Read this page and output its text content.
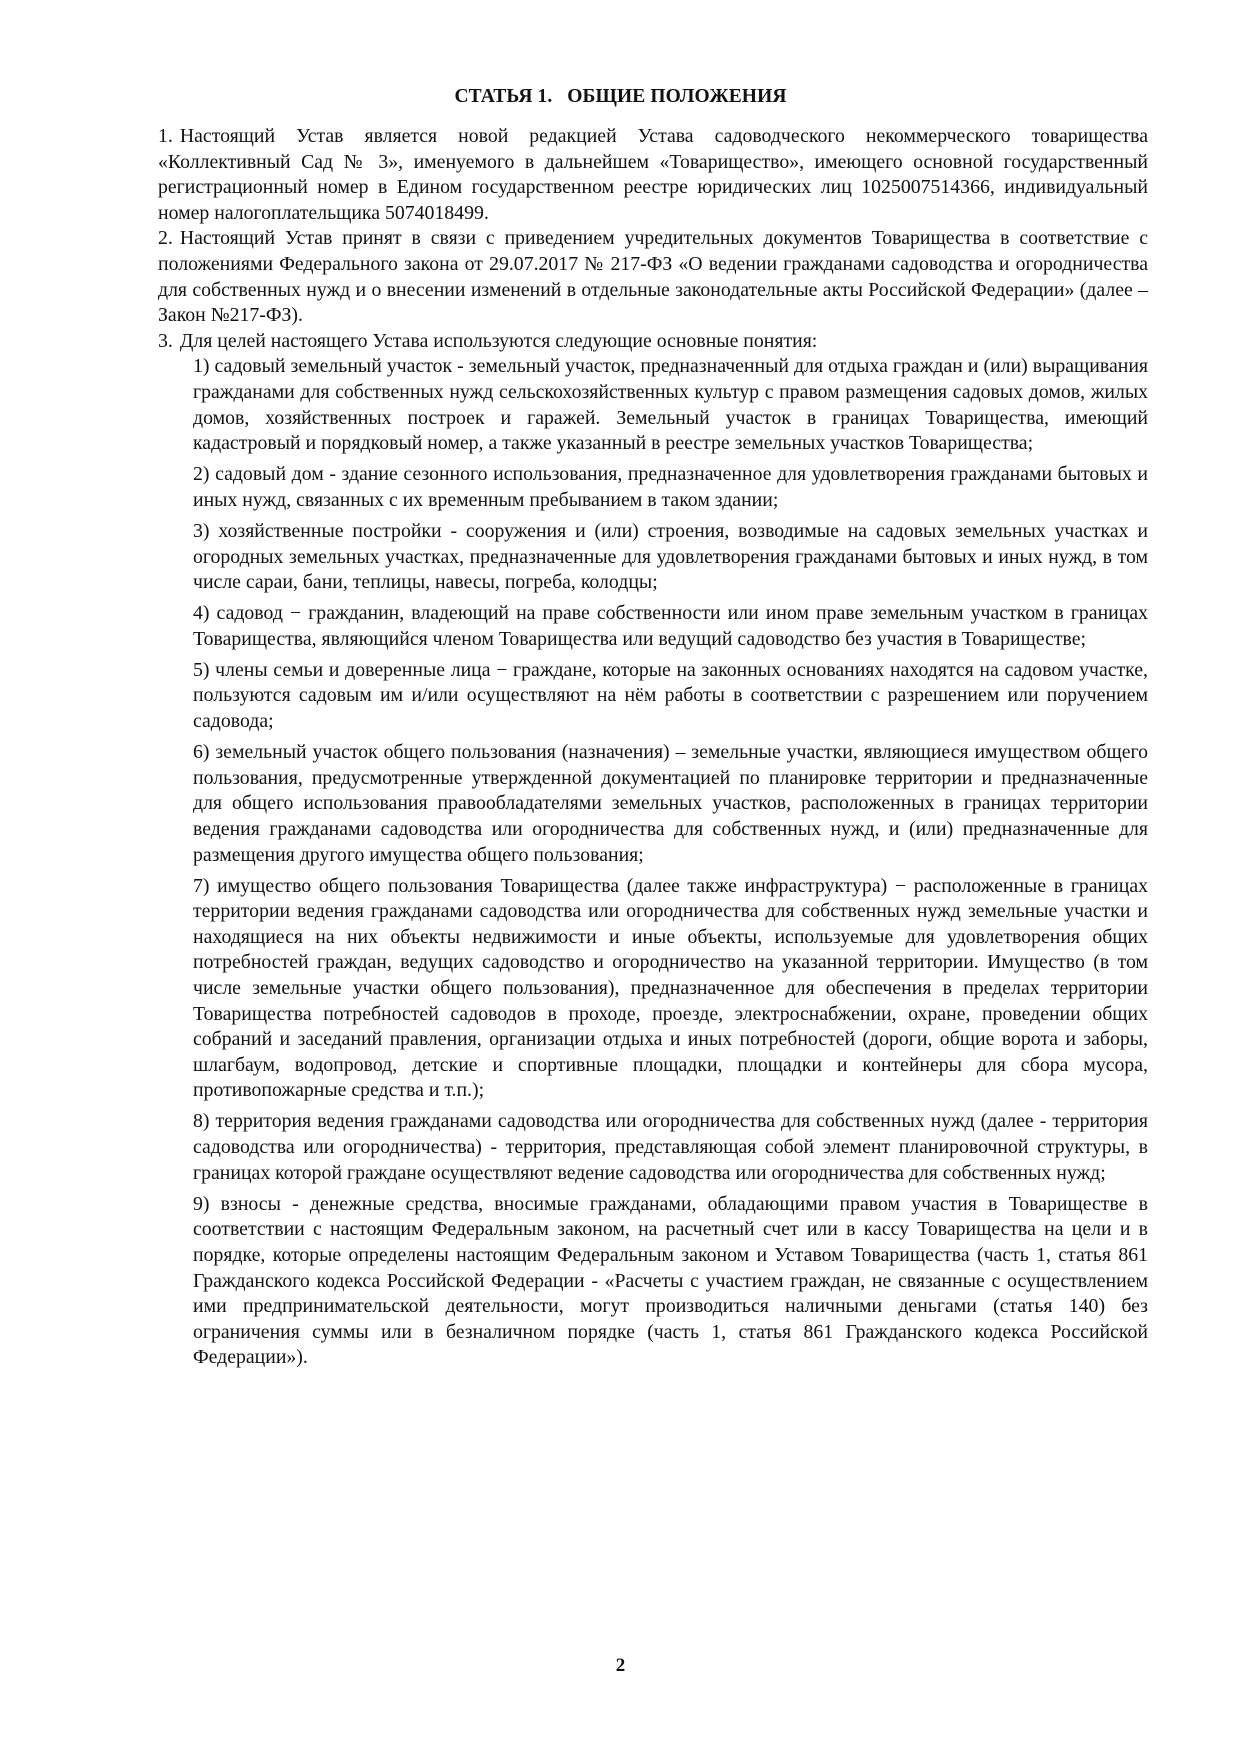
СТАТЬЯ 1.   ОБЩИЕ ПОЛОЖЕНИЯ

1. Настоящий Устав является новой редакцией Устава садоводческого некоммерческого товарищества «Коллективный Сад № 3», именуемого в дальнейшем «Товарищество», имеющего основной государственный регистрационный номер в Едином государственном реестре юридических лиц 1025007514366, индивидуальный номер налогоплательщика 5074018499.

2. Настоящий Устав принят в связи с приведением учредительных документов Товарищества в соответствие с положениями Федерального закона от 29.07.2017 № 217-ФЗ «О ведении гражданами садоводства и огородничества для собственных нужд и о внесении изменений в отдельные законодательные акты Российской Федерации» (далее – Закон №217-ФЗ).

3. Для целей настоящего Устава используются следующие основные понятия:

1) садовый земельный участок - земельный участок, предназначенный для отдыха граждан и (или) выращивания гражданами для собственных нужд сельскохозяйственных культур с правом размещения садовых домов, жилых домов, хозяйственных построек и гаражей. Земельный участок в границах Товарищества, имеющий кадастровый и порядковый номер, а также указанный в реестре земельных участков Товарищества;

2) садовый дом - здание сезонного использования, предназначенное для удовлетворения гражданами бытовых и иных нужд, связанных с их временным пребыванием в таком здании;

3) хозяйственные постройки - сооружения и (или) строения, возводимые на садовых земельных участках и огородных земельных участках, предназначенные для удовлетворения гражданами бытовых и иных нужд, в том числе сараи, бани, теплицы, навесы, погреба, колодцы;

4) садовод − гражданин, владеющий на праве собственности или ином праве земельным участком в границах Товарищества, являющийся членом Товарищества или ведущий садоводство без участия в Товариществе;

5) члены семьи и доверенные лица − граждане, которые на законных основаниях находятся на садовом участке, пользуются садовым им и/или осуществляют на нём работы в соответствии с разрешением или поручением садовода;

6) земельный участок общего пользования (назначения) – земельные участки, являющиеся имуществом общего пользования, предусмотренные утвержденной документацией по планировке территории и предназначенные для общего использования правообладателями земельных участков, расположенных в границах территории ведения гражданами садоводства или огородничества для собственных нужд, и (или) предназначенные для размещения другого имущества общего пользования;

7) имущество общего пользования Товарищества (далее также инфраструктура) − расположенные в границах территории ведения гражданами садоводства или огородничества для собственных нужд земельные участки и находящиеся на них объекты недвижимости и иные объекты, используемые для удовлетворения общих потребностей граждан, ведущих садоводство и огородничество на указанной территории. Имущество (в том числе земельные участки общего пользования), предназначенное для обеспечения в пределах территории Товарищества потребностей садоводов в проходе, проезде, электроснабжении, охране, проведении общих собраний и заседаний правления, организации отдыха и иных потребностей (дороги, общие ворота и заборы, шлагбаум, водопровод, детские и спортивные площадки, площадки и контейнеры для сбора мусора, противопожарные средства и т.п.);

8) территория ведения гражданами садоводства или огородничества для собственных нужд (далее - территория садоводства или огородничества) - территория, представляющая собой элемент планировочной структуры, в границах которой граждане осуществляют ведение садоводства или огородничества для собственных нужд;

9) взносы - денежные средства, вносимые гражданами, обладающими правом участия в Товариществе в соответствии с настоящим Федеральным законом, на расчетный счет или в кассу Товарищества на цели и в порядке, которые определены настоящим Федеральным законом и Уставом Товарищества (часть 1, статья 861 Гражданского кодекса Российской Федерации - «Расчеты с участием граждан, не связанные с осуществлением ими предпринимательской деятельности, могут производиться наличными деньгами (статья 140) без ограничения суммы или в безналичном порядке (часть 1, статья 861 Гражданского кодекса Российской Федерации»).

2
